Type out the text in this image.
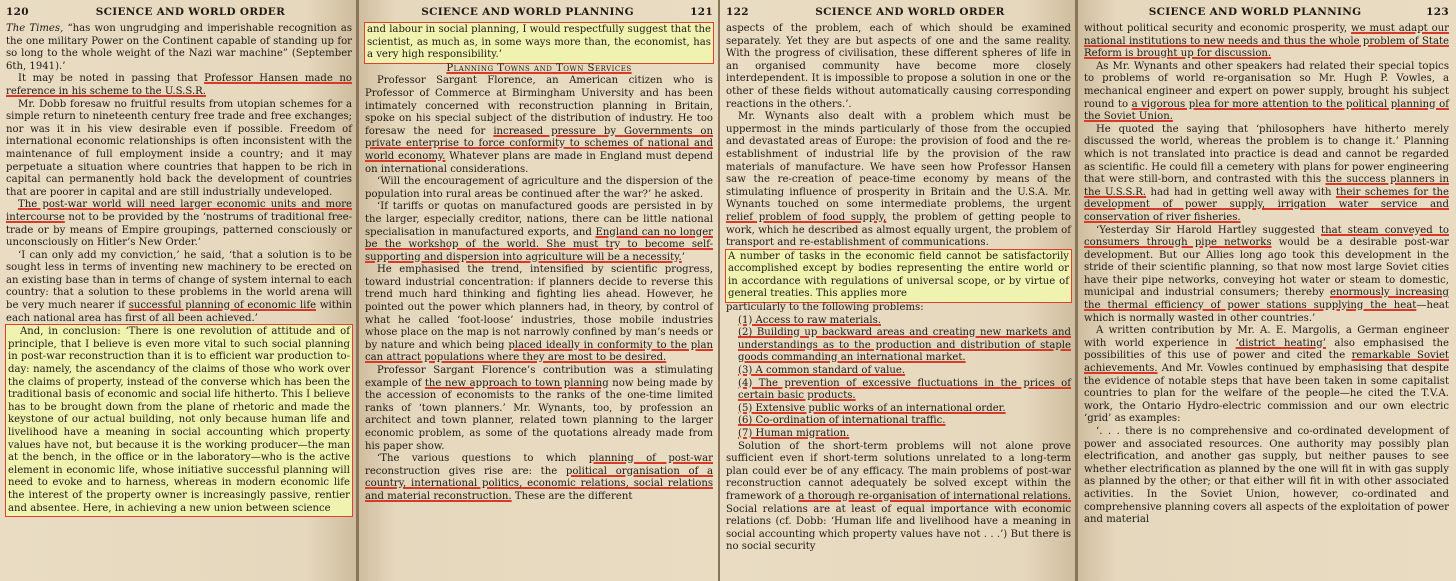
120	SCIENCE AND WORLD ORDER

The Times, “has won ungrudging and imperishable recognition as the one military Power on the Continent capable of standing up for so long to the whole weight of the Nazi war machine” (September 6th, 1941).’

It may be noted in passing that Professor Hansen made no reference in his scheme to the U.S.S.R.

Mr. Dobb foresaw no fruitful results from utopian schemes for a simple return to nineteenth century free trade and free exchanges; nor was it in his view desirable even if possible. Freedom of international economic relationships is often inconsistent with the maintenance of full employment inside a country; and it may perpetuate a situation where countries that happen to be rich in capital can permanently hold back the development of countries that are poorer in capital and are still industrially undeveloped.

The post-war world will need larger economic units and more intercourse not to be provided by the ‘nostrums of traditional free-trade or by means of Empire groupings, patterned consciously or unconsciously on Hitler’s New Order.’

‘I can only add my conviction,’ he said, ‘that a solution is to be sought less in terms of inventing new machinery to be erected on an existing base than in terms of change of system internal to each country: that a solution to these problems in the world arena will be very much nearer if successful planning of economic life within each national area has first of all been achieved.’

And, in conclusion: ‘There is one revolution of attitude and of principle, that I believe is even more vital to such social planning in post-war reconstruction than it is to efficient war production to-day: namely, the ascendancy of the claims of those who work over the claims of property, instead of the converse which has been the traditional basis of economic and social life hitherto. This I believe has to be brought down from the plane of rhetoric and made the keystone of our actual building, not only because human life and livelihood have a meaning in social accounting which property values have not, but because it is the working producer—the man at the bench, in the office or in the laboratory—who is the active element in economic life, whose initiative successful planning will need to evoke and to harness, whereas in modern economic life the interest of the property owner is increasingly passive, rentier and absentee. Here, in achieving a new union between science

SCIENCE AND WORLD PLANNING	121

and labour in social planning, I would respectfully suggest that the scientist, as much as, in some ways more than, the economist, has a very high responsibility.’

Planning Towns and Town Services

Professor Sargant Florence, an American citizen who is Professor of Commerce at Birmingham University and has been intimately concerned with reconstruction planning in Britain, spoke on his special subject of the distribution of industry. He too foresaw the need for increased pressure by Governments on private enterprise to force conformity to schemes of national and world economy. Whatever plans are made in England must depend on international considerations.

‘Will the encouragement of agriculture and the dispersion of the population into rural areas be continued after the war?’ he asked.

‘If tariffs or quotas on manufactured goods are persisted in by the larger, especially creditor, nations, there can be little national specialisation in manufactured exports, and England can no longer be the workshop of the world. She must try to become self-supporting and dispersion into agriculture will be a necessity.’

He emphasised the trend, intensified by scientific progress, toward industrial concentration: if planners decide to reverse this trend much hard thinking and fighting lies ahead. However, he pointed out the power which planners had, in theory, by control of what he called ‘foot-loose’ industries, those mobile industries whose place on the map is not narrowly confined by man’s needs or by nature and which being placed ideally in conformity to the plan can attract populations where they are most to be desired.

Professor Sargant Florence’s contribution was a stimulating example of the new approach to town planning now being made by the accession of economists to the ranks of the one-time limited ranks of ‘town planners.’ Mr. Wynants, too, by profession an architect and town planner, related town planning to the larger economic problem, as some of the quotations already made from his paper show.

‘The various questions to which planning of post-war reconstruction gives rise are: the political organisation of a country, international politics, economic relations, social relations and material reconstruction. These are the different

122	SCIENCE AND WORLD ORDER

aspects of the problem, each of which should be examined separately. Yet they are but aspects of one and the same reality. With the progress of civilisation, these different spheres of life in an organised community have become more closely interdependent. It is impossible to propose a solution in one or the other of these fields without automatically causing corresponding reactions in the others.’.

Mr. Wynants also dealt with a problem which must be uppermost in the minds particularly of those from the occupied and devastated areas of Europe: the provision of food and the re-establishment of industrial life by the provision of the raw materials of manufacture. We have seen how Professor Hansen saw the re-creation of peace-time economy by means of the stimulating influence of prosperity in Britain and the U.S.A. Mr. Wynants touched on some intermediate problems, the urgent relief problem of food supply, the problem of getting people to work, which he described as almost equally urgent, the problem of transport and re-establishment of communications.

A number of tasks in the economic field cannot be satisfactorily accomplished except by bodies representing the entire world or in accordance with regulations of universal scope, or by virtue of general treaties. This applies more

particularly to the following problems:

(1) Access to raw materials.

(2) Building up backward areas and creating new markets and understandings as to the production and distribution of staple goods commanding an international market.

(3) A common standard of value.

(4) The prevention of excessive fluctuations in the prices of certain basic products.

(5) Extensive public works of an international order.

(6) Co-ordination of international traffic.

(7) Human migration.

Solution of the short-term problems will not alone prove sufficient even if short-term solutions unrelated to a long-term plan could ever be of any efficacy. The main problems of post-war reconstruction cannot adequately be solved except within the framework of a thorough re-organisation of international relations. Social relations are at least of equal importance with economic relations (cf. Dobb: ‘Human life and livelihood have a meaning in social accounting which property values have not . . .’) But there is no social security

SCIENCE AND WORLD PLANNING	123

without political security and economic prosperity, we must adapt our national institutions to new needs and thus the whole problem of State Reform is brought up for discussion.

As Mr. Wynants and other speakers had related their special topics to problems of world re-organisation so Mr. Hugh P. Vowles, a mechanical engineer and expert on power supply, brought his subject round to a vigorous plea for more attention to the political planning of the Soviet Union.

He quoted the saying that ‘philosophers have hitherto merely discussed the world, whereas the problem is to change it.’ Planning which is not translated into practice is dead and cannot be regarded as scientific. He could fill a cemetery with plans for power engineering that were still-born, and contrasted with this the success planners in the U.S.S.R. had had in getting well away with their schemes for the development of power supply, irrigation water service and conservation of river fisheries.

‘Yesterday Sir Harold Hartley suggested that steam conveyed to consumers through pipe networks would be a desirable post-war development. But our Allies long ago took this development in the stride of their scientific planning, so that now most large Soviet cities have their pipe networks, conveying hot water or steam to domestic, municipal and industrial consumers; thereby enormously increasing the thermal efficiency of power stations supplying the heat—heat which is normally wasted in other countries.’

A written contribution by Mr. A. E. Margolis, a German engineer with world experience in ‘district heating’ also emphasised the possibilities of this use of power and cited the remarkable Soviet achievements. And Mr. Vowles continued by emphasising that despite the evidence of notable steps that have been taken in some capitalist countries to plan for the welfare of the people—he cited the T.V.A. work, the Ontario Hydro-electric commission and our own electric ‘grid’ as examples:

‘. . . there is no comprehensive and co-ordinated development of power and associated resources. One authority may possibly plan electrification, and another gas supply, but neither pauses to see whether electrification as planned by the one will fit in with gas supply as planned by the other; or that either will fit in with other associated activities. In the Soviet Union, however, co-ordinated and comprehensive planning covers all aspects of the exploitation of power and material
